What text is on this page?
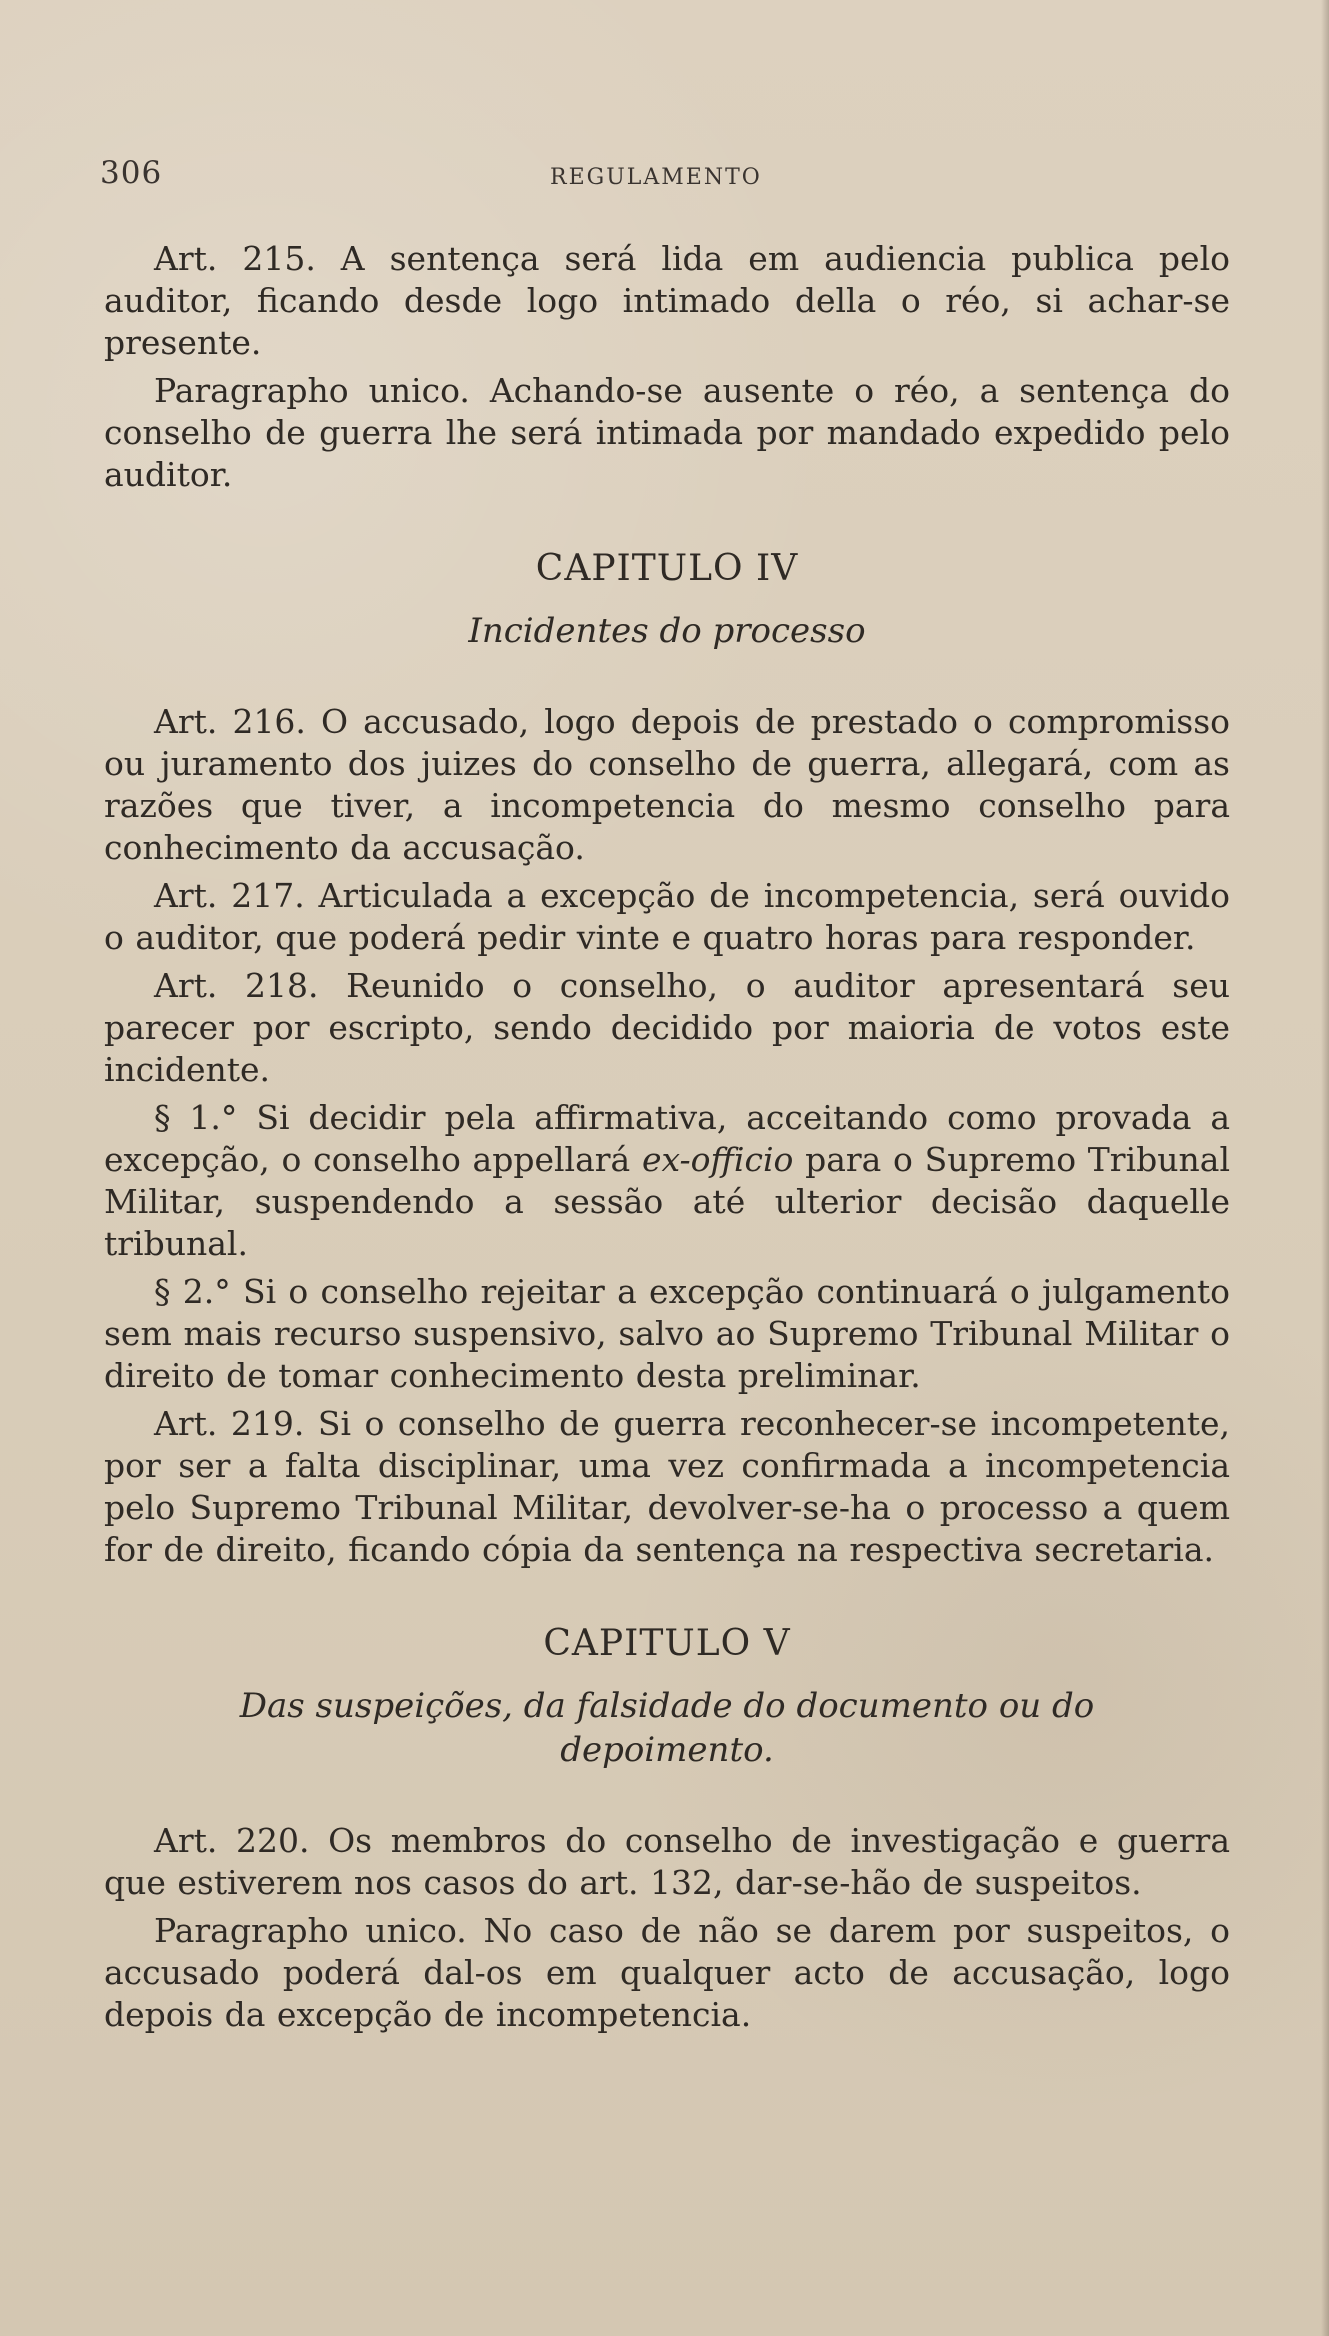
306	REGULAMENTO

Art. 215. A sentença será lida em audiencia publica pelo auditor, ficando desde logo intimado della o réo, si achar-se presente.

Paragrapho unico. Achando-se ausente o réo, a sentença do conselho de guerra lhe será intimada por mandado expedido pelo auditor.

CAPITULO IV
Incidentes do processo

Art. 216. O accusado, logo depois de prestado o compromisso ou juramento dos juizes do conselho de guerra, allegará, com as razões que tiver, a incompetencia do mesmo conselho para conhecimento da accusação.

Art. 217. Articulada a excepção de incompetencia, será ouvido o auditor, que poderá pedir vinte e quatro horas para responder.

Art. 218. Reunido o conselho, o auditor apresentará seu parecer por escripto, sendo decidido por maioria de votos este incidente.

§ 1.° Si decidir pela affirmativa, acceitando como provada a excepção, o conselho appellará ex-officio para o Supremo Tribunal Militar, suspendendo a sessão até ulterior decisão daquelle tribunal.

§ 2.° Si o conselho rejeitar a excepção continuará o julgamento sem mais recurso suspensivo, salvo ao Supremo Tribunal Militar o direito de tomar conhecimento desta preliminar.

Art. 219. Si o conselho de guerra reconhecer-se incompetente, por ser a falta disciplinar, uma vez confirmada a incompetencia pelo Supremo Tribunal Militar, devolver-se-ha o processo a quem for de direito, ficando cópia da sentença na respectiva secretaria.

CAPITULO V
Das suspeições, da falsidade do documento ou do depoimento.

Art. 220. Os membros do conselho de investigação e guerra que estiverem nos casos do art. 132, dar-se-hão de suspeitos.

Paragrapho unico. No caso de não se darem por suspeitos, o accusado poderá dal-os em qualquer acto de accusação, logo depois da excepção de incompetencia.
